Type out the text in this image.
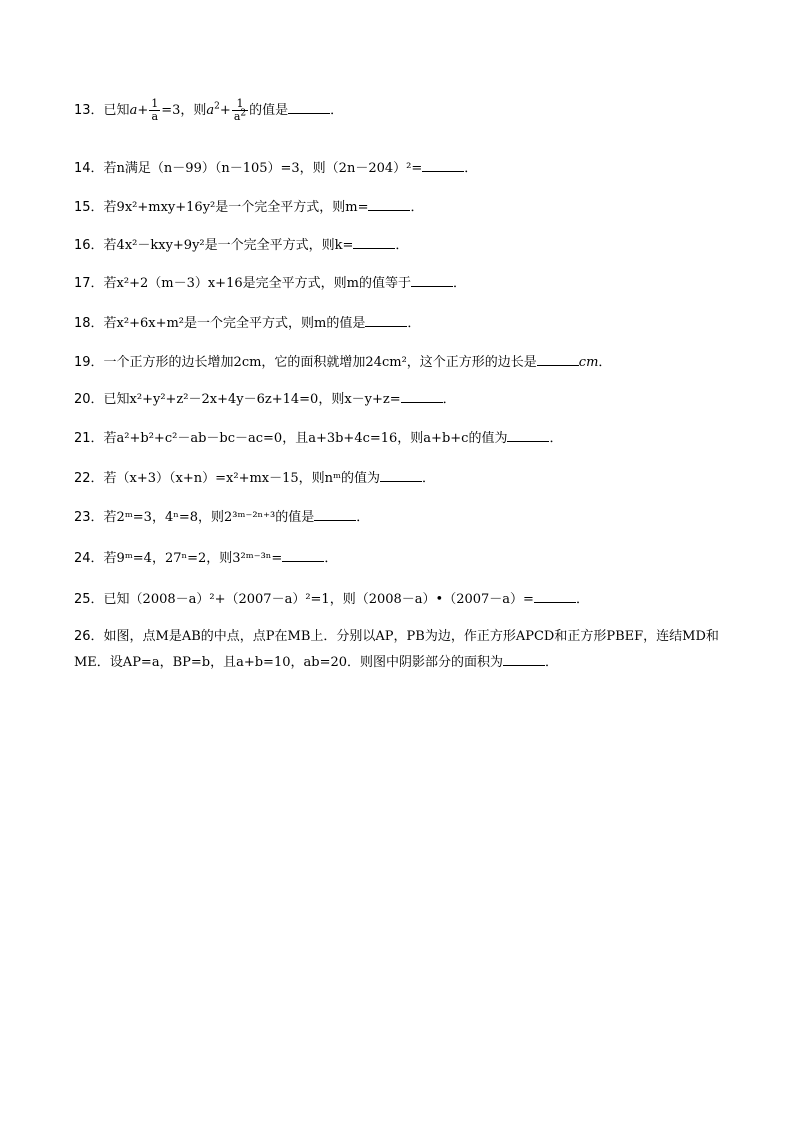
13．已知$a+ \frac{1}{a} =3$，则$a^2+ \frac{1}{a^2}$ 的值是	．
14．若n满足（n－99）（n－105）=3，则（2n－204）²=	．
15．若9x²+mxy+16y²是一个完全平方式，则m=	．
16．若4x²－kxy+9y²是一个完全平方式，则k=	．
17．若x²+2（m－3）x+16是完全平方式，则m的值等于	．
18．若x²+6x+m²是一个完全平方式，则m的值是	．
19．一个正方形的边长增加2cm，它的面积就增加24cm²，这个正方形的边长是	cm．
20．已知x²+y²+z²－2x+4y－6z+14=0，则x－y+z=	．
21．若a²+b²+c²－ab－bc－ac=0，且a+3b+4c=16，则a+b+c的值为	．
22．若（x+3）（x+n）=x²+mx－15，则nᵐ的值为	．
23．若2ᵐ=3，4ⁿ=8，则2³ᵐ⁻²ⁿ⁺³的值是	．
24．若9ᵐ=4，27ⁿ=2，则3²ᵐ⁻³ⁿ=	．
25．已知（2008－a）²+（2007－a）²=1，则（2008－a）•（2007－a）=	．
26．如图，点M是AB的中点，点P在MB上．分别以AP，PB为边，作正方形APCD和正方形PBEF，连结MD和ME．设AP=a，BP=b，且a+b=10，ab=20．则图中阴影部分的面积为	．
